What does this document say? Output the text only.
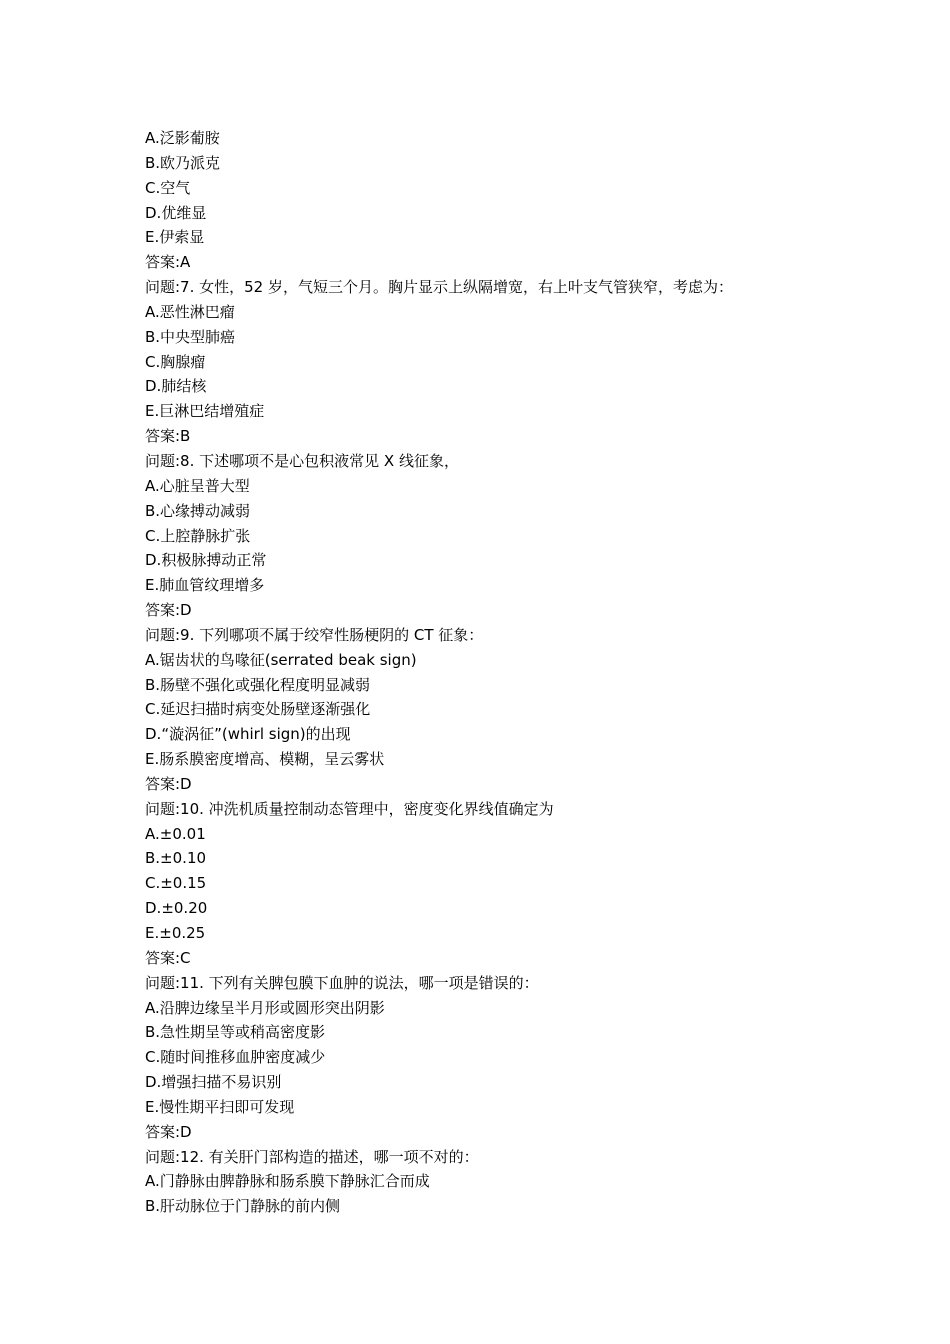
A.泛影葡胺
B.欧乃派克
C.空气
D.优维显
E.伊索显
答案:A
问题:7. 女性，52 岁，气短三个月。胸片显示上纵隔增宽，右上叶支气管狭窄，考虑为：
A.恶性淋巴瘤
B.中央型肺癌
C.胸腺瘤
D.肺结核
E.巨淋巴结增殖症
答案:B
问题:8. 下述哪项不是心包积液常见 X 线征象，
A.心脏呈普大型
B.心缘搏动减弱
C.上腔静脉扩张
D.积极脉搏动正常
E.肺血管纹理增多
答案:D
问题:9. 下列哪项不属于绞窄性肠梗阴的 CT 征象：
A.锯齿状的鸟喙征(serrated beak sign)
B.肠壁不强化或强化程度明显减弱
C.延迟扫描时病变处肠壁逐渐强化
D.“漩涡征”(whirl sign)的出现
E.肠系膜密度增高、模糊，呈云雾状
答案:D
问题:10. 冲洗机质量控制动态管理中，密度变化界线值确定为
A.±0.01
B.±0.10
C.±0.15
D.±0.20
E.±0.25
答案:C
问题:11. 下列有关脾包膜下血肿的说法，哪一项是错误的：
A.沿脾边缘呈半月形或圆形突出阴影
B.急性期呈等或稍高密度影
C.随时间推移血肿密度减少
D.增强扫描不易识别
E.慢性期平扫即可发现
答案:D
问题:12. 有关肝门部构造的描述，哪一项不对的：
A.门静脉由脾静脉和肠系膜下静脉汇合而成
B.肝动脉位于门静脉的前内侧
